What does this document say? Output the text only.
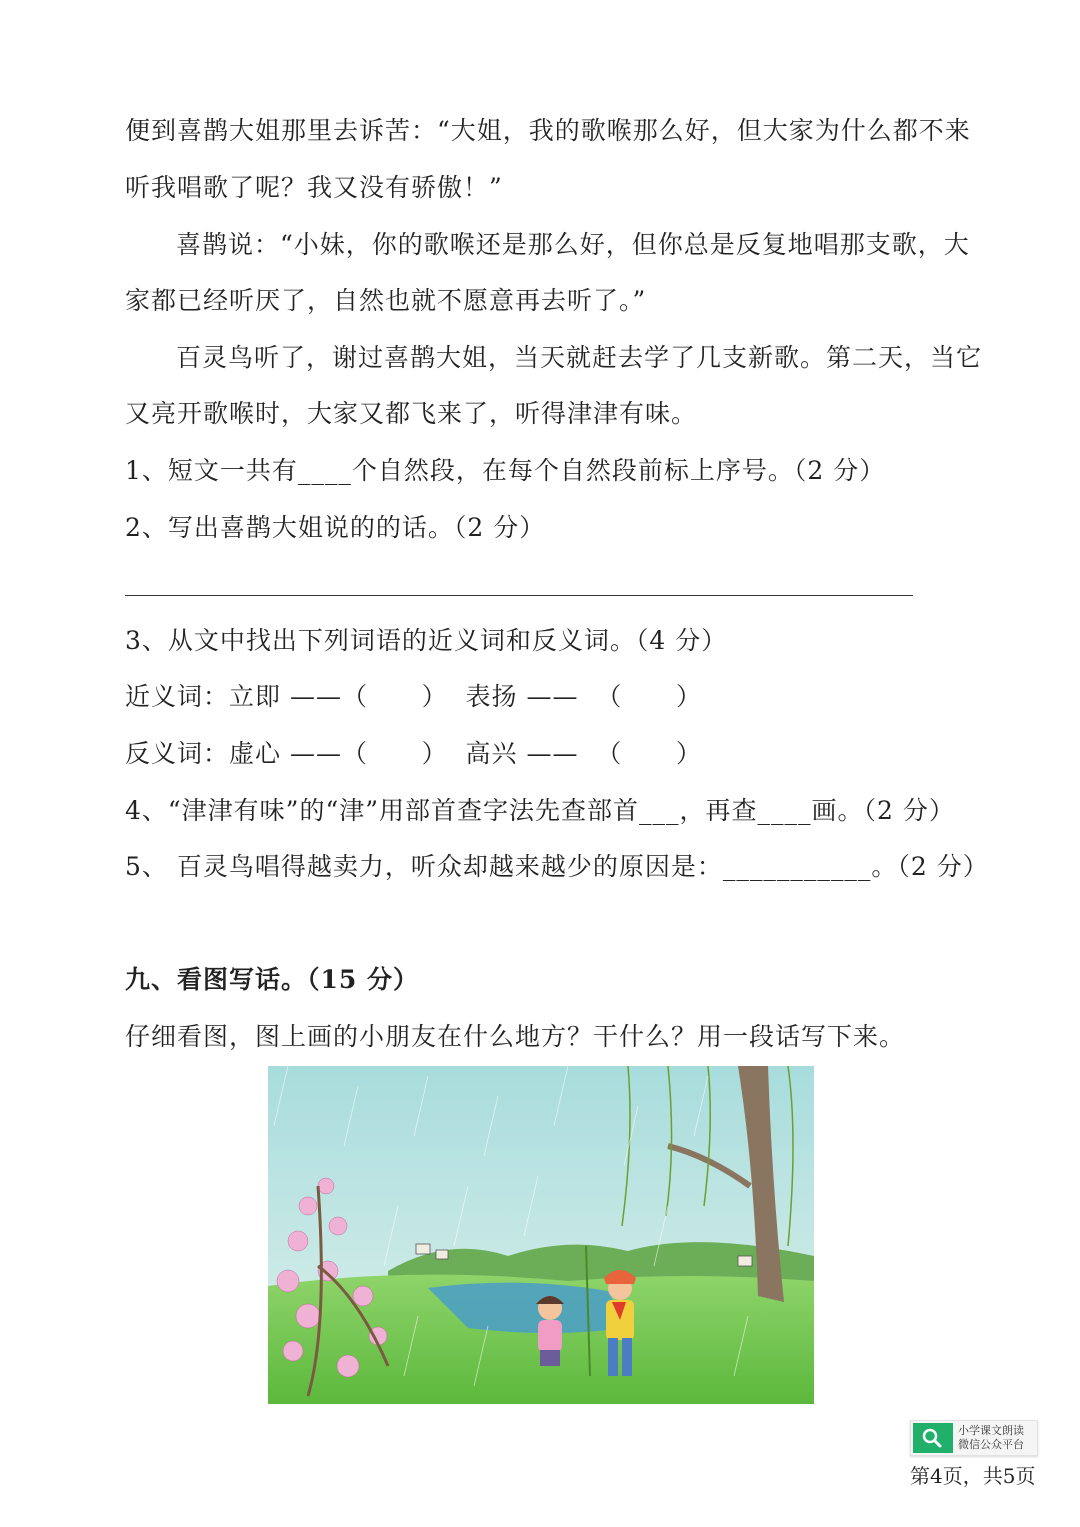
便到喜鹊大姐那里去诉苦：“大姐，我的歌喉那么好，但大家为什么都不来
听我唱歌了呢？我又没有骄傲！”
喜鹊说：“小妹，你的歌喉还是那么好，但你总是反复地唱那支歌，大
家都已经听厌了，自然也就不愿意再去听了。”
百灵鸟听了，谢过喜鹊大姐，当天就赶去学了几支新歌。第二天，当它
又亮开歌喉时，大家又都飞来了，听得津津有味。
1、短文一共有____个自然段，在每个自然段前标上序号。（2 分）
2、写出喜鹊大姐说的的话。（2 分）
3、从文中找出下列词语的近义词和反义词。（4 分）
近义词：立即 ——（      ）  表扬 ——  （      ）
反义词：虚心 ——（      ）  高兴 ——  （      ）
4、“津津有味”的“津”用部首查字法先查部首___，再查____画。（2 分）
5、 百灵鸟唱得越卖力，听众却越来越少的原因是：___________。（2 分）
九、看图写话。（15 分）
仔细看图，图上画的小朋友在什么地方？干什么？用一段话写下来。
小学课文朗读
微信公众平台
第4页，共5页
